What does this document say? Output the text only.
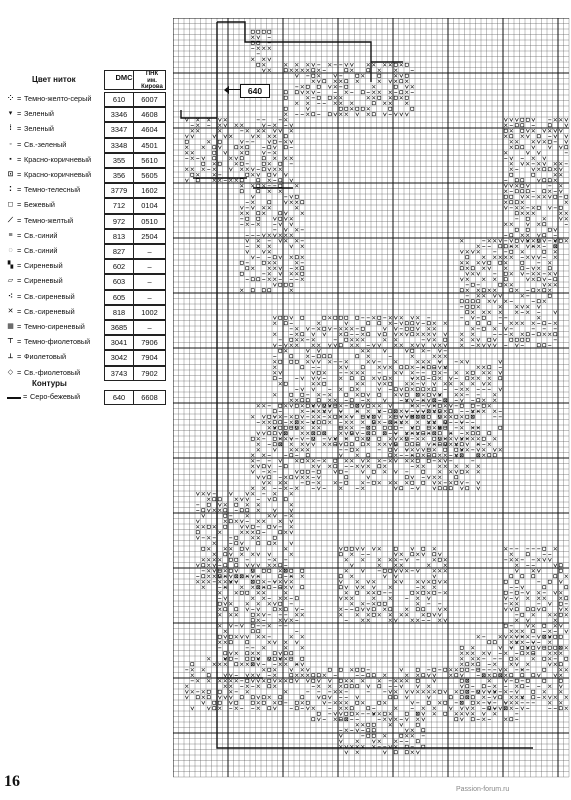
Цвет ниток	DMC	ПНК
им. Кирова
⁘ = Темно-желто-серый	610	6007
▾ = Зеленый	3346	4608
⁞ = Зеленый	3347	4604
◦ = Св.-зеленый	3348	4501
▪ = Красно-коричневый	355	5610
⊡ = Красно-коричневый	356	5605
⁚ = Темно-телесный	3779	1602
◻ = Бежевый	712	0104
⟋ = Темно-желтый	972	0510
≡ = Св.-синий	813	2504
◌ = Св.-синий	827	–
▚ = Сиреневый	602	–
▱ = Сиреневый	603	–
⁖ = Св.-сиреневый	605	–
✕ = Св.-сиреневый	818	1002
▦ = Темно-сиреневый	3685	–
⊤ = Темно-фиолетовый	3041	7906
⟂ = Фиолетовый	3042	7904
◇ = Св.-фиолетовый	3743	7902
Контуры
= Серо-бежевый	640	6608
640
16	Passion-forum.ru
